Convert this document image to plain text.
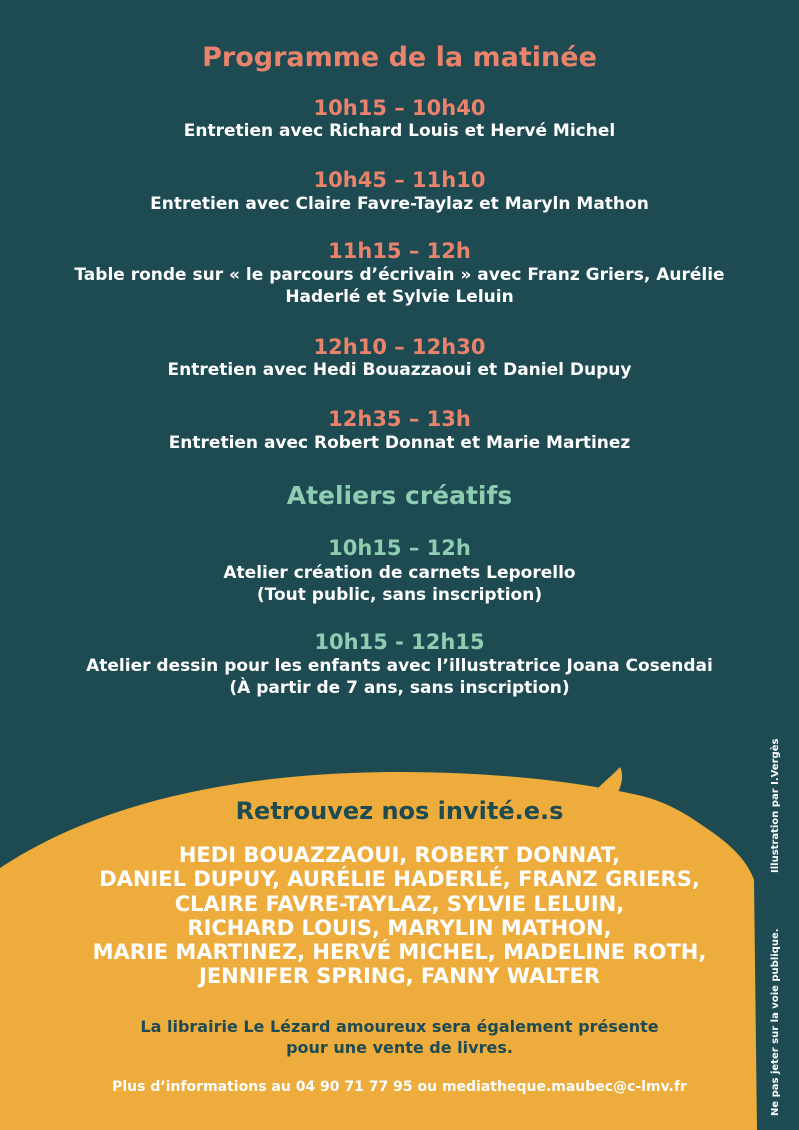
Programme de la matinée
10h15 – 10h40
Entretien avec Richard Louis et Hervé Michel
10h45 – 11h10
Entretien avec Claire Favre-Taylaz et Maryln Mathon
11h15 – 12h
Table ronde sur « le parcours d’écrivain » avec Franz Griers, Aurélie
Haderlé et Sylvie Leluin
12h10 – 12h30
Entretien avec Hedi Bouazzaoui et Daniel Dupuy
12h35 – 13h
Entretien avec Robert Donnat et Marie Martinez
Ateliers créatifs
10h15 – 12h
Atelier création de carnets Leporello
(Tout public, sans inscription)
10h15 - 12h15
Atelier dessin pour les enfants avec l’illustratrice Joana Cosendai
(À partir de 7 ans, sans inscription)
Retrouvez nos invité.e.s
HEDI BOUAZZAOUI, ROBERT DONNAT,
DANIEL DUPUY, AURÉLIE HADERLÉ, FRANZ GRIERS,
CLAIRE FAVRE-TAYLAZ, SYLVIE LELUIN,
RICHARD LOUIS, MARYLIN MATHON,
MARIE MARTINEZ, HERVÉ MICHEL, MADELINE ROTH,
JENNIFER SPRING, FANNY WALTER
La librairie Le Lézard amoureux sera également présente
pour une vente de livres.
Plus d’informations au 04 90 71 77 95 ou mediatheque.maubec@c-lmv.fr
Illustration par I.Vergès
Ne pas jeter sur la voie publique.
